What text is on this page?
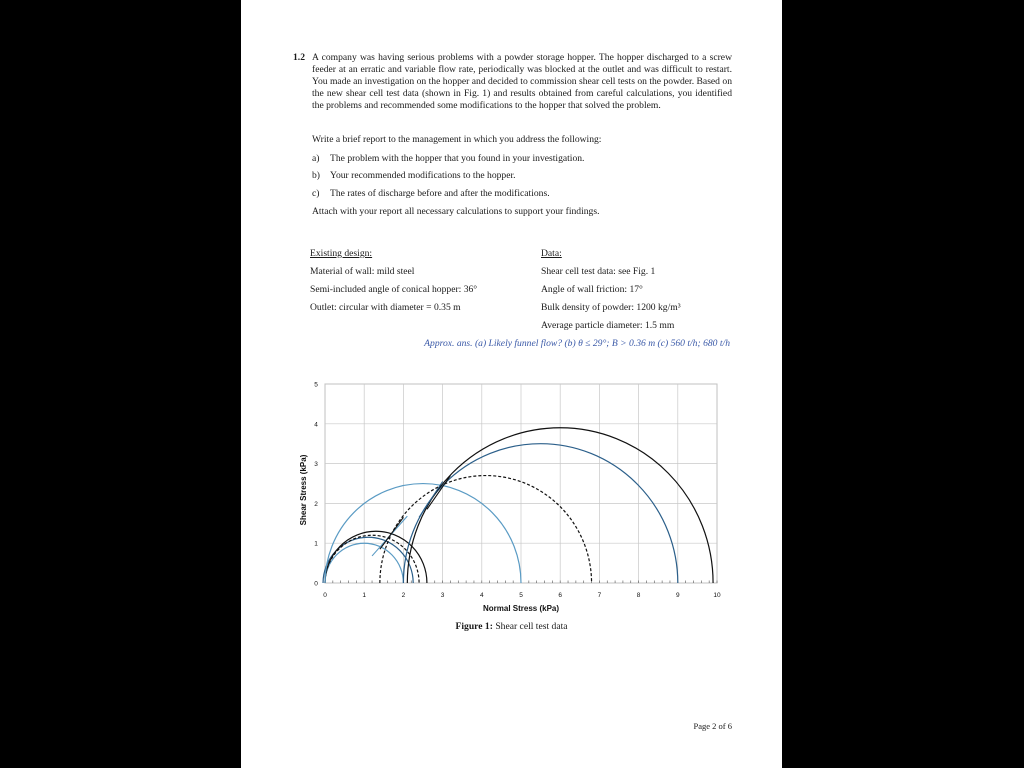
1.2 A company was having serious problems with a powder storage hopper. The hopper discharged to a screw feeder at an erratic and variable flow rate, periodically was blocked at the outlet and was difficult to restart. You made an investigation on the hopper and decided to commission shear cell tests on the powder. Based on the new shear cell test data (shown in Fig. 1) and results obtained from careful calculations, you identified the problems and recommended some modifications to the hopper that solved the problem.
Write a brief report to the management in which you address the following:
a) The problem with the hopper that you found in your investigation.
b) Your recommended modifications to the hopper.
c) The rates of discharge before and after the modifications.
Attach with your report all necessary calculations to support your findings.
Existing design:
Material of wall: mild steel
Semi-included angle of conical hopper: 36°
Outlet: circular with diameter = 0.35 m
Data:
Shear cell test data: see Fig. 1
Angle of wall friction: 17°
Bulk density of powder: 1200 kg/m³
Average particle diameter: 1.5 mm
Approx. ans. (a) Likely funnel flow? (b) θ ≤ 29°; B > 0.36 m (c) 560 t/h; 680 t/h
0	1	2	3	4	5	6	7	8	9	10
0
1
2
3
4
5
Normal Stress (kPa)
Shear Stress (kPa)
Figure 1: Shear cell test data
Page 2 of 6
